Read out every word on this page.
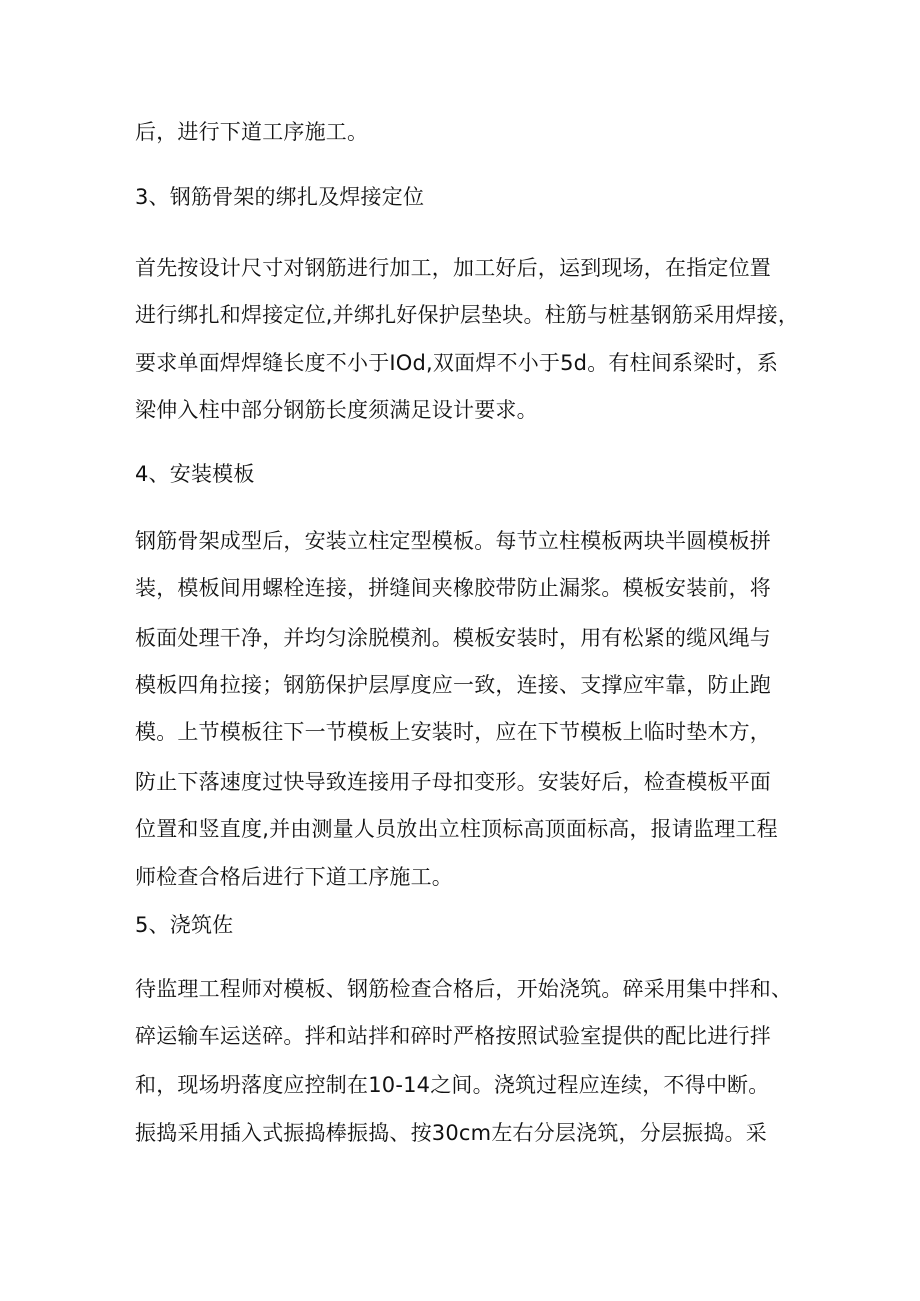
后，进行下道工序施工。
3、钢筋骨架的绑扎及焊接定位
首先按设计尺寸对钢筋进行加工，加工好后，运到现场，在指定位置
进行绑扎和焊接定位,并绑扎好保护层垫块。柱筋与桩基钢筋采用焊接，
要求单面焊焊缝长度不小于IOd,双面焊不小于5d。有柱间系梁时，系
梁伸入柱中部分钢筋长度须满足设计要求。
4、安装模板
钢筋骨架成型后，安装立柱定型模板。每节立柱模板两块半圆模板拼
装，模板间用螺栓连接，拼缝间夹橡胶带防止漏浆。模板安装前，将
板面处理干净，并均匀涂脱模剂。模板安装时，用有松紧的缆风绳与
模板四角拉接；钢筋保护层厚度应一致，连接、支撑应牢靠，防止跑
模。上节模板往下一节模板上安装时，应在下节模板上临时垫木方，
防止下落速度过快导致连接用子母扣变形。安装好后，检查模板平面
位置和竖直度,并由测量人员放出立柱顶标高顶面标高，报请监理工程
师检查合格后进行下道工序施工。
5、浇筑佐
待监理工程师对模板、钢筋检查合格后，开始浇筑。碎采用集中拌和、
碎运输车运送碎。拌和站拌和碎时严格按照试验室提供的配比进行拌
和，现场坍落度应控制在10-14之间。浇筑过程应连续，不得中断。
振捣采用插入式振捣棒振捣、按30cm左右分层浇筑，分层振捣。采
